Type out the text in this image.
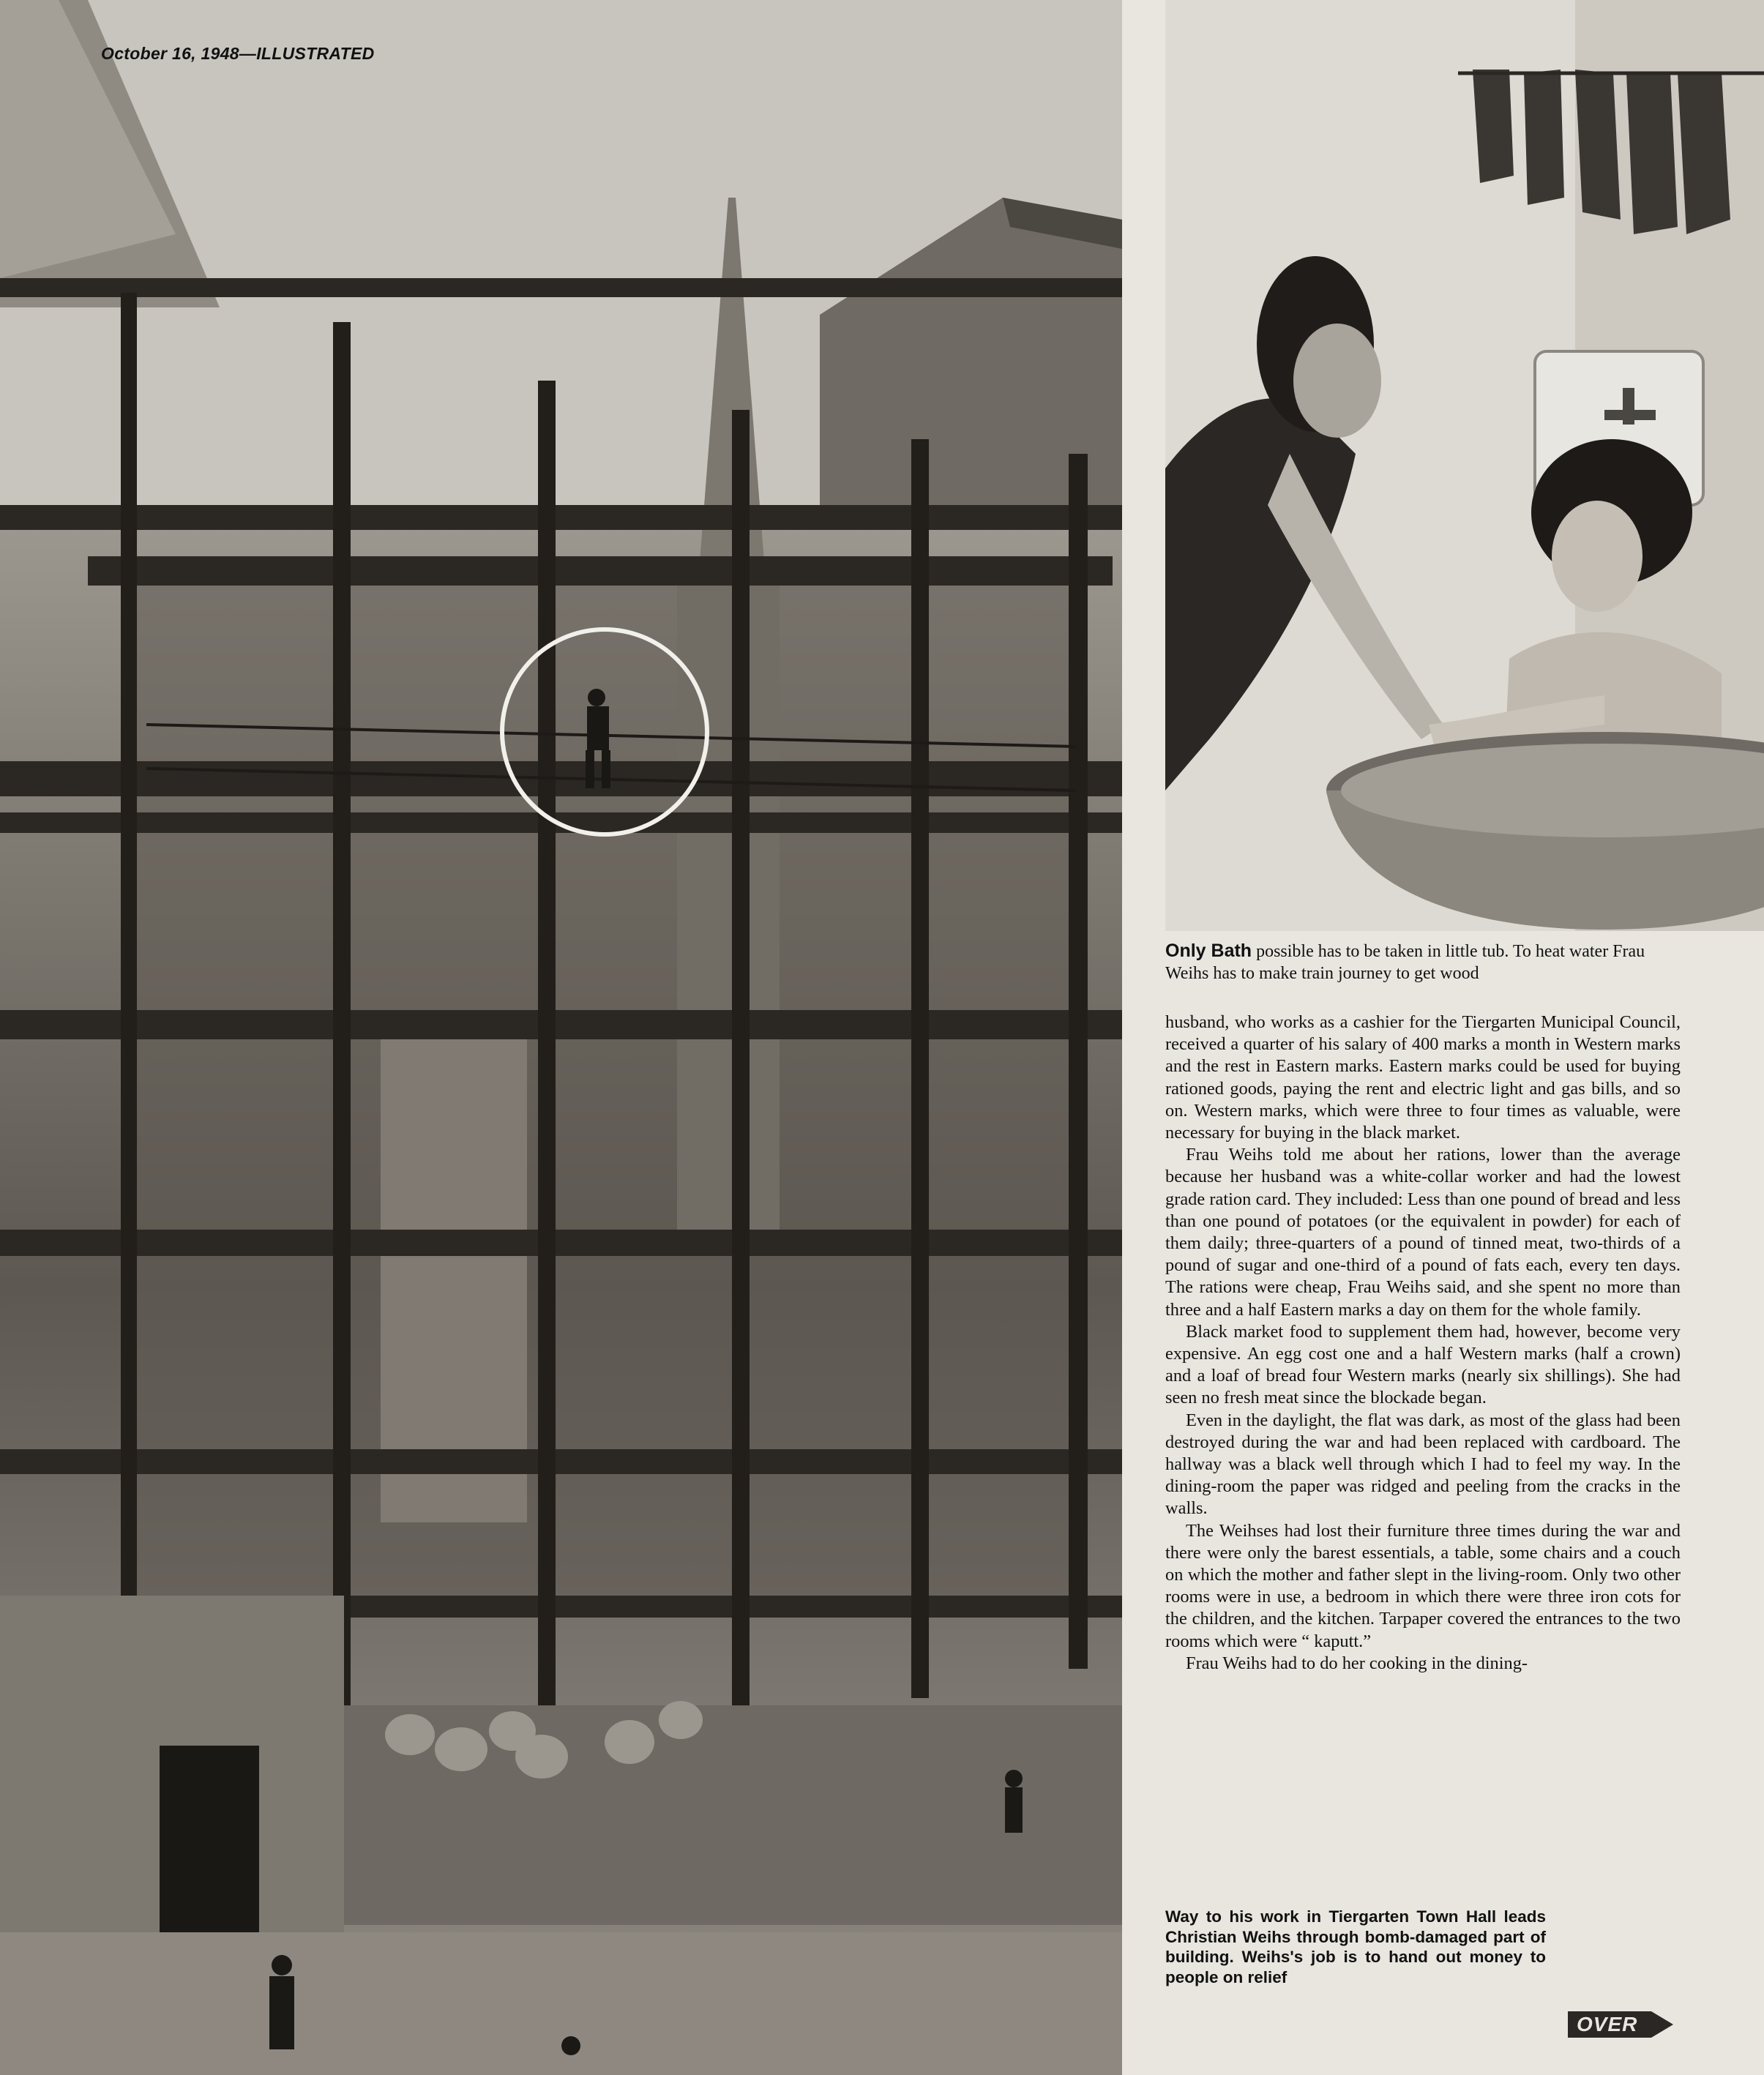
October 16, 1948—ILLUSTRATED
Only Bath possible has to be taken in little tub. To heat water Frau Weihs has to make train journey to get wood

husband, who works as a cashier for the Tiergarten Municipal Council, received a quarter of his salary of 400 marks a month in Western marks and the rest in Eastern marks. Eastern marks could be used for buying rationed goods, paying the rent and electric light and gas bills, and so on. Western marks, which were three to four times as valuable, were necessary for buying in the black market.

Frau Weihs told me about her rations, lower than the average because her husband was a white-collar worker and had the lowest grade ration card. They included: Less than one pound of bread and less than one pound of potatoes (or the equivalent in powder) for each of them daily; three-quarters of a pound of tinned meat, two-thirds of a pound of sugar and one-third of a pound of fats each, every ten days. The rations were cheap, Frau Weihs said, and she spent no more than three and a half Eastern marks a day on them for the whole family.

Black market food to supplement them had, however, become very expensive. An egg cost one and a half Western marks (half a crown) and a loaf of bread four Western marks (nearly six shillings). She had seen no fresh meat since the blockade began.

Even in the daylight, the flat was dark, as most of the glass had been destroyed during the war and had been replaced with cardboard. The hallway was a black well through which I had to feel my way. In the dining-room the paper was ridged and peeling from the cracks in the walls.

The Weihses had lost their furniture three times during the war and there were only the barest essentials, a table, some chairs and a couch on which the mother and father slept in the living-room. Only two other rooms were in use, a bedroom in which there were three iron cots for the children, and the kitchen. Tarpaper covered the entrances to the two rooms which were “ kaputt.”

Frau Weihs had to do her cooking in the dining-

Way to his work in Tiergarten Town Hall leads Christian Weihs through bomb-damaged part of building. Weihs's job is to hand out money to people on relief
OVER
